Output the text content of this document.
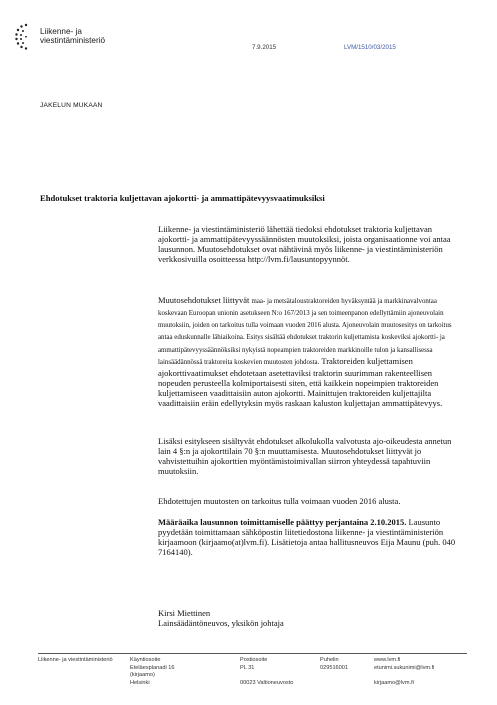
Liikenne- ja
viestintäministeriö
7.9.2015	LVM/1510/03/2015
JAKELUN MUKAAN
Ehdotukset traktoria kuljettavan ajokortti- ja ammattipätevyysvaatimuksiksi

Liikenne- ja viestintäministeriö lähettää tiedoksi ehdotukset traktoria kuljettavan ajokortti- ja ammattipätevyyssäännösten muutoksiksi, joista organisaationne voi antaa lausunnon. Muutosehdotukset ovat nähtävinä myös liikenne- ja viestintäministeriön verkkosivuilla osoitteessa http://lvm.fi/lausuntopyynnöt.

Muutosehdotukset liittyvät maa- ja metsätaloustraktoreiden hyväksyntää ja markkinavalvontaa koskevaan Euroopan unionin asetukseen N:o 167/2013 ja sen toimeenpanon edellyttämiin ajoneuvolain muutoksiin, joiden on tarkoitus tulla voimaan vuoden 2016 alusta. Ajoneuvolain muutosesitys on tarkoitus antaa eduskunnalle lähiaikoina. Esitys sisältää ehdotukset traktorin kuljettamista koskeviksi ajokortti- ja ammattipätevyyssäännöksiksi nykyistä nopeampien traktoreiden markkinoille tulon ja kansallisessa lainsäädännössä traktoreita koskevien muutosten johdosta. Traktoreiden kuljettamisen ajokorttivaatimukset ehdotetaan asetettaviksi traktorin suurimman rakenteellisen nopeuden perusteella kolmiportaisesti siten, että kaikkein nopeimpien traktoreiden kuljettamiseen vaadittaisiin auton ajokortti. Mainittujen traktoreiden kuljettajilta vaadittaisiin eräin edellytyksin myös raskaan kaluston kuljettajan ammattipätevyys.

Lisäksi esitykseen sisältyvät ehdotukset alkolukolla valvotusta ajo-oikeudesta annetun lain 4 §:n ja ajokorttilain 70 §:n muuttamisesta. Muutosehdotukset liittyvät jo vahvistettuihin ajokorttien myöntämistoimivallan siirron yhteydessä tapahtuviin muutoksiin.

Ehdotettujen muutosten on tarkoitus tulla voimaan vuoden 2016 alusta.

Määräaika lausunnon toimittamiselle päättyy perjantaina 2.10.2015. Lausunto pyydetään toimittamaan sähköpostin liitetiedostona liikenne- ja viestintäministeriön kirjaamoon (kirjaamo(at)lvm.fi). Lisätietoja antaa hallitusneuvos Eija Maunu (puh. 040 7164140).

Kirsi Miettinen
Lainsäädäntöneuvos, yksikön johtaja
Liikenne- ja viestintäministeriö	Käyntiosoite
Eteläesplanadi 16
(kirjaamo)
Helsinki
Postiosoite
PL 31

00023 Valtioneuvosto
Puhelin
029516001
www.lvm.fi
etunimi.sukunimi@lvm.fi

kirjaamo@lvm.fi
